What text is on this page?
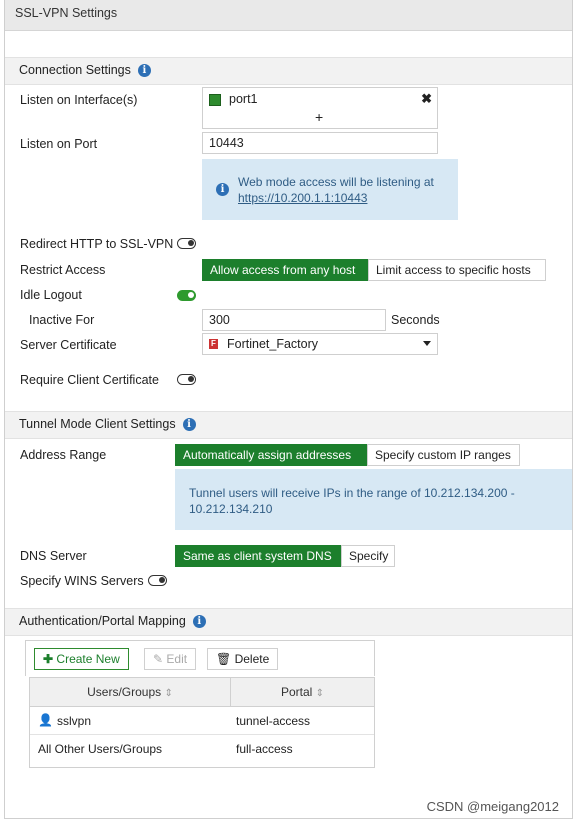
SSL-VPN Settings
Connection Settings i
Listen on Interface(s)	port1	✖
+
Listen on Port	10443
i
Web mode access will be listening at
https://10.200.1.1:10443
Redirect HTTP to SSL-VPN
Restrict Access	Allow access from any host	Limit access to specific hosts
Idle Logout
Inactive For	300	Seconds
Server Certificate	F Fortinet_Factory
Require Client Certificate
Tunnel Mode Client Settings i
Address Range	Automatically assign addresses	Specify custom IP ranges
Tunnel users will receive IPs in the range of 10.212.134.200 -
10.212.134.210
DNS Server	Same as client system DNS	Specify
Specify WINS Servers
Authentication/Portal Mapping i
✚ Create New	✎ Edit	🗑 Delete
Users/Groups ⇕	Portal ⇕
👤 sslvpn	tunnel-access
All Other Users/Groups	full-access
CSDN @meigang2012
